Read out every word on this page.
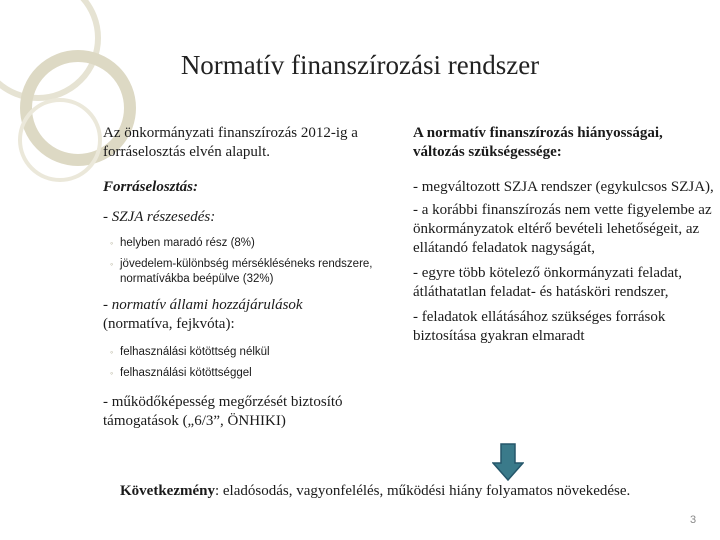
Normatív finanszírozási rendszer

Az önkormányzati finanszírozás 2012-ig a forráselosztás elvén alapult.

Forráselosztás:

- SZJA részesedés:

◦ helyben maradó rész (8%)
◦ jövedelem-különbség mérsékléséneks rendszere, normatívákba beépülve (32%)

- normatív állami hozzájárulások
(normatíva, fejkvóta):

◦ felhasználási kötöttség nélkül
◦ felhasználási kötöttséggel

- működőképesség megőrzését biztosító támogatások („6/3”, ÖNHIKI)

A normatív finanszírozás hiányosságai, változás szükségessége:

- megváltozott SZJA rendszer (egykulcsos SZJA),

- a korábbi finanszírozás nem vette figyelembe az önkormányzatok eltérő bevételi lehetőségeit, az ellátandó feladatok nagyságát,

- egyre több kötelező önkormányzati feladat, átláthatatlan feladat- és hatásköri rendszer,

- feladatok ellátásához szükséges források biztosítása gyakran elmaradt

Következmény: eladósodás, vagyonfelélés, működési hiány folyamatos növekedése.
3
